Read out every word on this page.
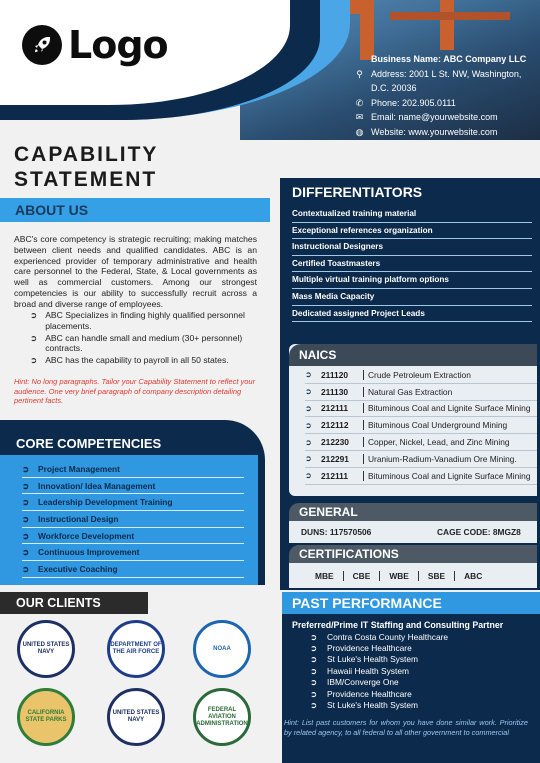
Logo	Business Name: ABC Company LLC
⚲ Address: 2001 L St. NW, Washington,
D.C. 20036
✆ Phone: 202.905.0111
✉ Email: name@yourwebsite.com
◍ Website: www.yourwebsite.com
CAPABILITY
STATEMENT
ABOUT US
ABC's core competency is strategic recruiting; making matches between client needs and qualified candidates. ABC is an experienced provider of temporary administrative and health care personnel to the Federal, State, & Local governments as well as commercial customers. Among our strongest competencies is our ability to successfully recruit across a broad and diverse range of employees.
➲ ABC Specializes in finding highly qualified personnel placements.
➲ ABC can handle small and medium (30+ personnel) contracts.
➲ ABC has the capability to payroll in all 50 states.
Hint: No long paragraphs. Tailor your Capability Statement to reflect your audience. One very brief paragraph of company description detailing pertinent facts.
CORE COMPETENCIES
➲ Project Management
➲ Innovation/ Idea Management
➲ Leadership Development Training
➲ Instructional Design
➲ Workforce Development
➲ Continuous Improvement
➲ Executive Coaching
OUR CLIENTS
UNITED STATES NAVY
DEPARTMENT OF THE AIR FORCE
NOAA
CALIFORNIA STATE PARKS
UNITED STATES NAVY
FEDERAL AVIATION ADMINISTRATION
DIFFERENTIATORS
Contextualized training material
Exceptional references organization
Instructional Designers
Certified Toastmasters
Multiple virtual training platform options
Mass Media Capacity
Dedicated assigned Project Leads
NAICS
➲	211120	Crude Petroleum Extraction
➲	211130	Natural Gas Extraction
➲	212111	Bituminous Coal and Lignite Surface Mining
➲	212112	Bituminous Coal Underground Mining
➲	212230	Copper, Nickel, Lead, and Zinc Mining
➲	212291	Uranium-Radium-Vanadium Ore Mining.
➲	212111	Bituminous Coal and Lignite Surface Mining
GENERAL
DUNS: 117570506	CAGE CODE: 8MGZ8
CERTIFICATIONS
MBE CBE WBE SBE ABC
PAST PERFORMANCE
Preferred/Prime IT Staffing and Consulting Partner
➲ Contra Costa County Healthcare
➲ Providence Healthcare
➲ St Luke's Health System
➲ Hawaii Health System
➲ IBM/Converge One
➲ Providence Healthcare
➲ St Luke's Health System
Hint: List past customers for whom you have done similar work. Prioritize by related agency, to all federal to all other government to commercial
